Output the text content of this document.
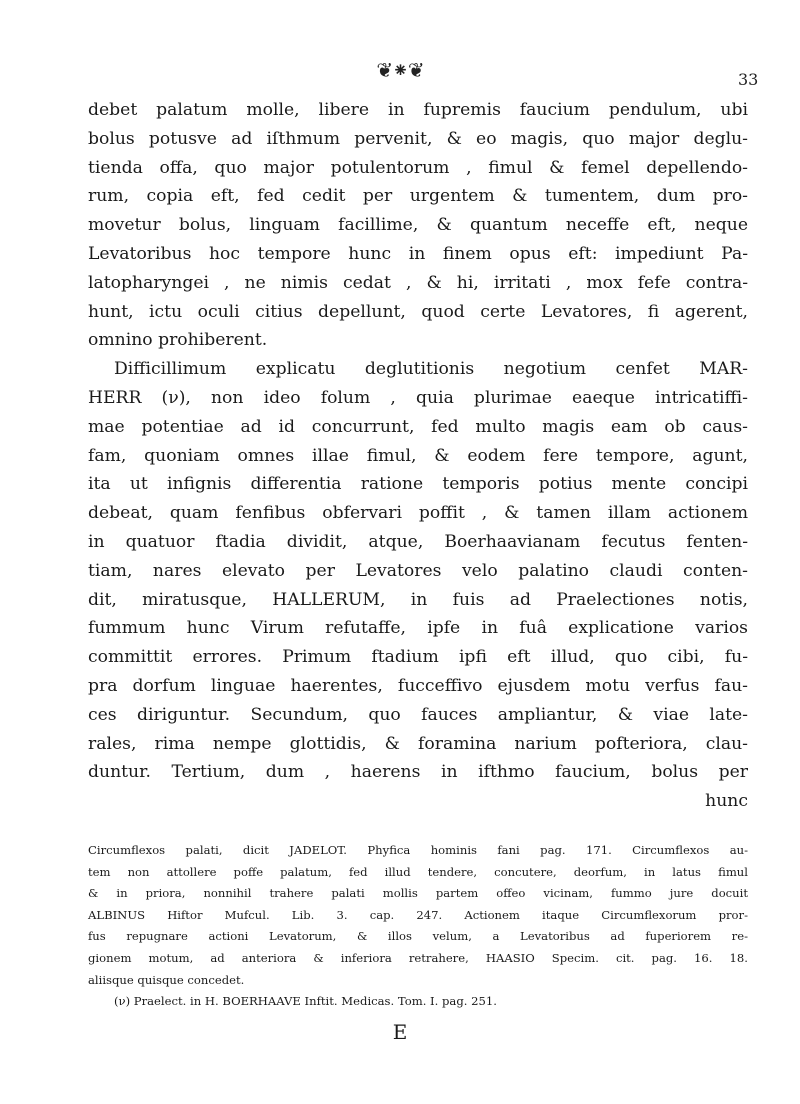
❦⁕❦	33
debet palatum molle, libere in fupremis faucium pendulum, ubi
bolus potusve ad iſthmum pervenit, & eo magis, quo major deglu-
tienda offa, quo major potulentorum , fimul & femel depellendo-
rum, copia eft, fed cedit per urgentem & tumentem, dum pro-
movetur bolus, linguam facillime, & quantum neceffe eft, neque
Levatoribus hoc tempore hunc in finem opus eft: impediunt Pa-
latopharyngei , ne nimis cedat , & hi, irritati , mox fefe contra-
hunt, ictu oculi citius depellunt, quod certe Levatores, fi agerent,
omnino prohiberent.
Difficillimum explicatu deglutitionis negotium cenfet MAR-
HERR (ν), non ideo folum , quia plurimae eaeque intricatiffi-
mae potentiae ad id concurrunt, fed multo magis eam ob caus-
fam, quoniam omnes illae fimul, & eodem fere tempore, agunt,
ita ut infignis differentia ratione temporis potius mente concipi
debeat, quam fenfibus obfervari poffit , & tamen illam actionem
in quatuor ftadia dividit, atque, Boerhaavianam fecutus fenten-
tiam, nares elevato per Levatores velo palatino claudi conten-
dit, miratusque, HALLERUM, in fuis ad Praelectiones notis,
fummum hunc Virum refutaffe, ipfe in fuâ explicatione varios
committit errores. Primum ftadium ipfi eft illud, quo cibi, fu-
pra dorfum linguae haerentes, fucceffivo ejusdem motu verfus fau-
ces diriguntur. Secundum, quo fauces ampliantur, & viae late-
rales, rima nempe glottidis, & foramina narium pofteriora, clau-
duntur. Tertium, dum , haerens in ifthmo faucium, bolus per
hunc
Circumflexos palati, dicit JADELOT. Phyfica hominis fani pag. 171. Circumflexos au-
tem non attollere poffe palatum, fed illud tendere, concutere, deorfum, in latus fimul
& in priora, nonnihil trahere palati mollis partem offeo vicinam, fummo jure docuit
ALBINUS Hiftor Mufcul. Lib. 3. cap. 247. Actionem itaque Circumflexorum pror-
fus repugnare actioni Levatorum, & illos velum, a Levatoribus ad fuperiorem re-
gionem motum, ad anteriora & inferiora retrahere, HAASIO Specim. cit. pag. 16. 18.
aliisque quisque concedet.
(ν) Praelect. in H. BOERHAAVE Inftit. Medicas. Tom. I. pag. 251.
E
